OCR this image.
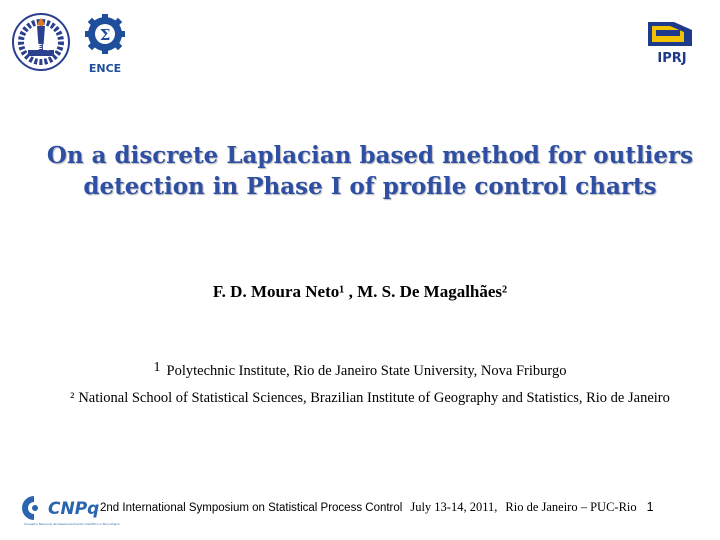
UERJ
Σ
ENCE
IPRJ
On a discrete Laplacian based method for outliers
detection in Phase I of profile control charts
F. D. Moura Neto¹ , M. S. De Magalhães²
1 Polytechnic Institute, Rio de Janeiro State University, Nova Friburgo
² National School of Statistical Sciences, Brazilian Institute of Geography and Statistics, Rio de Janeiro
CNPq
Conselho Nacional de Desenvolvimento Científico e Tecnológico
2nd International Symposium on Statistical Process Control July 13-14, 2011, Rio de Janeiro – PUC-Rio 1
